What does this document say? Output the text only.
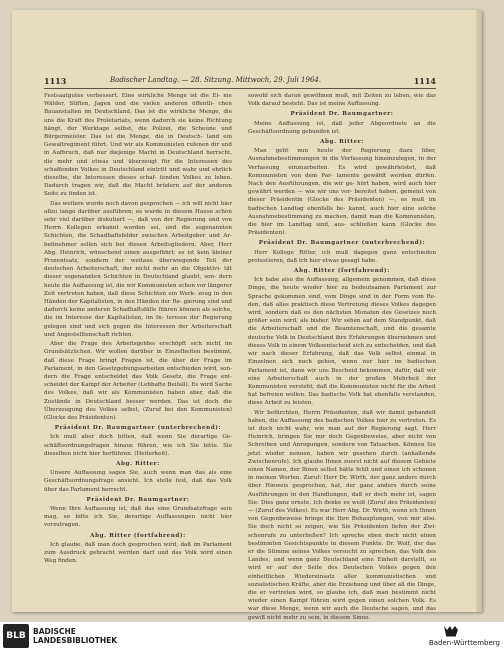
1113	Badischer Landtag. — 28. Sitzung. Mittwoch, 29. Juli 1964.	1114

Festsaatgutes verbessert. Eine wirkliche Menge ist die Ei- nie Wälder, Stiften, Jagen und die vielen anderen öffentli- chen Bauanstalten im Deutschland. Das ist die wirkliche Menge, die uns die Kraft des Proletariats, wenn dadurch sie keine Richtung hängt, der Werktage selbst, die Polizei, die Scheune und Bürgermeister. Das ist die Menge, die in Deutsch- land ein Gewaltregiment führt. Und wir als Kommunisten rufenen dir und in Aufbruch, daß nur diejenige Macht in Deutschland herrscht, die mehr und etwas und überzeugt für die Interessen des schaffenden Volkes in Deutschland eintritt und wahr und ehrlich dieselbe, die Interessen dieses schaf- fenden Volkes zu leben. Dadurch tragen wir, daß die Macht brüdern auf der anderen Seite zu finden ist.

Das weitere wurde noch davon gesprochen — ich will nicht hier allzu lange darüber ausführen; es wurde in diesem Hause schon sehr viel darüber diskutiert —, daß von der Regierung und von Herrn Kollegen erkannt worden sei, und die sogenannten Schichten, die Schadhaftsfelder zwischen Arbeitgeber und Ar- beitnehmer sollen sich bei diesen Arbeitsgliedern. Aber, Herr Abg. Heinrich, wünschend einen ausgeführt: es ist kein kleiner Prozentsatz, sondern der weitaus überwiegende Teil der deutschen Arbeiterschaft, der nicht mehr an die Objektivi- tät dieser sogenannten Schichten in Deutschland glaubt, son- dern heute die Auffassung ist, die wir Kommunisten schon vor längerer Zeit vertreten haben, daß diese Schichten ein Werk- zeug in den Händen der Kapitalisten, in den Händen der Re- gierung sind und dadurch keine anderen Schadhaftsfälle führen können als solche, die im Interesse der Kapitalisten, im In- teresse der Regierung gelegen sind und sich gegen die Interessen der Arbeiterschaft und Angestelltenschaft richten.

Aber die Frage des Arbeitsgeldes erschöpft sich nicht im Grundsätzlichen. Wir wollen darüber in Einzelheiten bestimmt, daß diese Frage bringt Fragen ist, die über der Frage im Parlament, in den Gesetzgebungsarbeiten entschieden wird, son- dern die Frage entscheidet das Volk Gesetz, die Frage ent- scheidet der Kampf der Arbeiter (Lebhafte Beifall). Es wird Sache des Volkes, daß wir als Kommunisten haben aber, daß die Zustände in Deutschland besser werden. Das ist doch die Überzeugung des Volkes selbst, (Zuruf bei den Kommunisten) (Glocke des Präsidenten).

Präsident Dr. Baumgartner (unterbrechend):

Ich muß aber doch bitten, daß wenn Sie derartige Ge- schäftsordnungsfragen hinaus führen, wie ich Sie bitte. Sie dieselben nicht hier herführen. (Heiterkeit).

Abg. Ritter:

Unsere Auffassung sagen Sie, auch wenn man das als eine Geschäftsordnungsfrage ansieht. Ich stelle fest, daß das Volk über das Parlament herrscht.

Präsident Dr. Baumgartner:

Wenn Ihre Auffassung ist, daß das eine Grundsatzfrage sein mag, so bitte ich Sie, derartige Auffassungen nicht hier vorzutragen.

Abg. Ritter (fortfahrend):

Ich glaube, daß man doch gesprochen wird, daß im Parlament zum Ausdruck gebracht werden darf und das Volk wird einen Weg finden.

sowohl sich daran gewöhnen muß, mit Zeiten zu leben, wie das Volk darauf besteht. Das ist meine Auffassung.

Präsident Dr. Baumgartner:

Meine Auffassung ist, daß jeder Abgeordnete an die Geschäftsordnung gebunden ist.

Abg. Ritter:

Man geht nun heute der Regierung dazu über, Ausnahmebestimmungen in die Verfassung hineinzulegen, in der Verfassung einzuarbeiten. Es wird gewährleistet, daß Kommunisten von dem Par- lamente gewählt werden dürfen. Nach den Ausführungen, die wir ge- hört haben, wird auch hier gewährt werden — wie wir uns vor- bereitet haben, gemeint von dieser Präsidentin (Glocke des Präsidenten) —, es muß im badischen Landtag ebenfalls be- kannt, auch hier eine solche Ausnahmebestimmung zu machen, damit man die Kommunisten, die hier im Landtag sind, aus- schließen kann (Glocke des Präsidenten).

Präsident Dr. Baumgartner (unterbrechend):

Herr Kollege Ritter, ich muß dagegen ganz entschieden protestieren, daß ich hier etwas gesagt habe.

Abg. Ritter (fortfahrend):

Ich habe also die Auffassung, allgemein genommen, daß diese Dinge, die heute wieder hier zu bedeutsamen Parlament zur Sprache gekommen sind, vom Dinge sind in der Form vom Re- den, daß alles praktisch diese Vertretung dieses Volkes dagegen wird, sondern daß es den nächsten Monaten des Gesetzes noch größer sein wird, als bisher. Wir sehen auf dem Standpunkt, daß die Arbeiterschaft und die Beamtenschaft, und die gesamte deutsche Volk in Deutschland ihre Erfahrungen übernehmen und dieses Volk in einem Volksentscheid sich zu entscheiden, und daß wir nach dieser Erfahrung, daß das Volk selbst einmal in Einzelnen sich noch gehen, wenn nur hier im badischen Parlament ist, dann wir uns Bescheid bekommen, dafür, daß wir eine Arbeiterschaft auch in der großen Mehrheit der Kommunisten versteht, daß die Kommunisten nicht für die Arbeit hat befreien wollen. Das badische Volk hat ebenfalls verstanden, diese Arbeit zu leisten.

Wir befürchten, Herrn Präsidenten, daß wir damit gehandelt haben, die Auffassung des badischen Volkes hier zu vertreten. Es ist doch nicht wahr, wie man auf der Regierung sagt, Herr Heinrich, bringen Sie mir doch Gegenbeweise, aber nicht von Schreiben und Anregungen, sondern von Tatsachen. Können Sie jetzt wieder nennen, haben wir gesehen durch (anhaltende Zwischenrufe). Ich glaube Ihnen zuerst nicht auf diesem Gebiete einen Namen, der Ihnen selbst hätte fehlt und einen ich schonen in meinen Worten. Zuruf: Herr Dr. Wirth, der ganz anders durch über Hinweis gesprochen, hat, der ganz anders durch seine Ausführungen in den Handlungen, daß er doch mehr ist, sagen Sie: Dies ganz ernste. Ich denke es weiß (Zuruf des Präsidenten) — (Zuruf des Volkes). Es war Herr Abg. Dr. Wirth, wenn ich Ihnen von Gegenbeweise bringe die Ihre Behauptungen, von mir also. Sie doch nicht so zeigen, wie Sie Präsidenten liefen der Zwi- schenrufe zu unterließen? Ich spreche eben doch nicht einen bestimmten Gesichtspunkte in diesem Punkte. Dr. Wolf, der das er die Stimme seines Volkes versucht zu sprechen, das Volk des Landes, und wenn ganz Deutschland eine Einheit darstellt, so wird er auf der Seite des Deutschen Volkes gegen den einheitlichen Wiedereinsatz aller kommunistischen und sozialistischen Kräfte, aber die Erziehung und über all die Dinge, die er vertreten wird, so glaube ich, daß man bestimmt nicht wieder einen Kampf führen wird gegen einen solchen Volk. Es war diese Menge, wenn wir auch die Deutsche sagen, und das gewiß nicht mehr zu sein, in diesem Sinne.

BLB BADISCHE
LANDESBIBLIOTHEK	Baden-Württemberg
